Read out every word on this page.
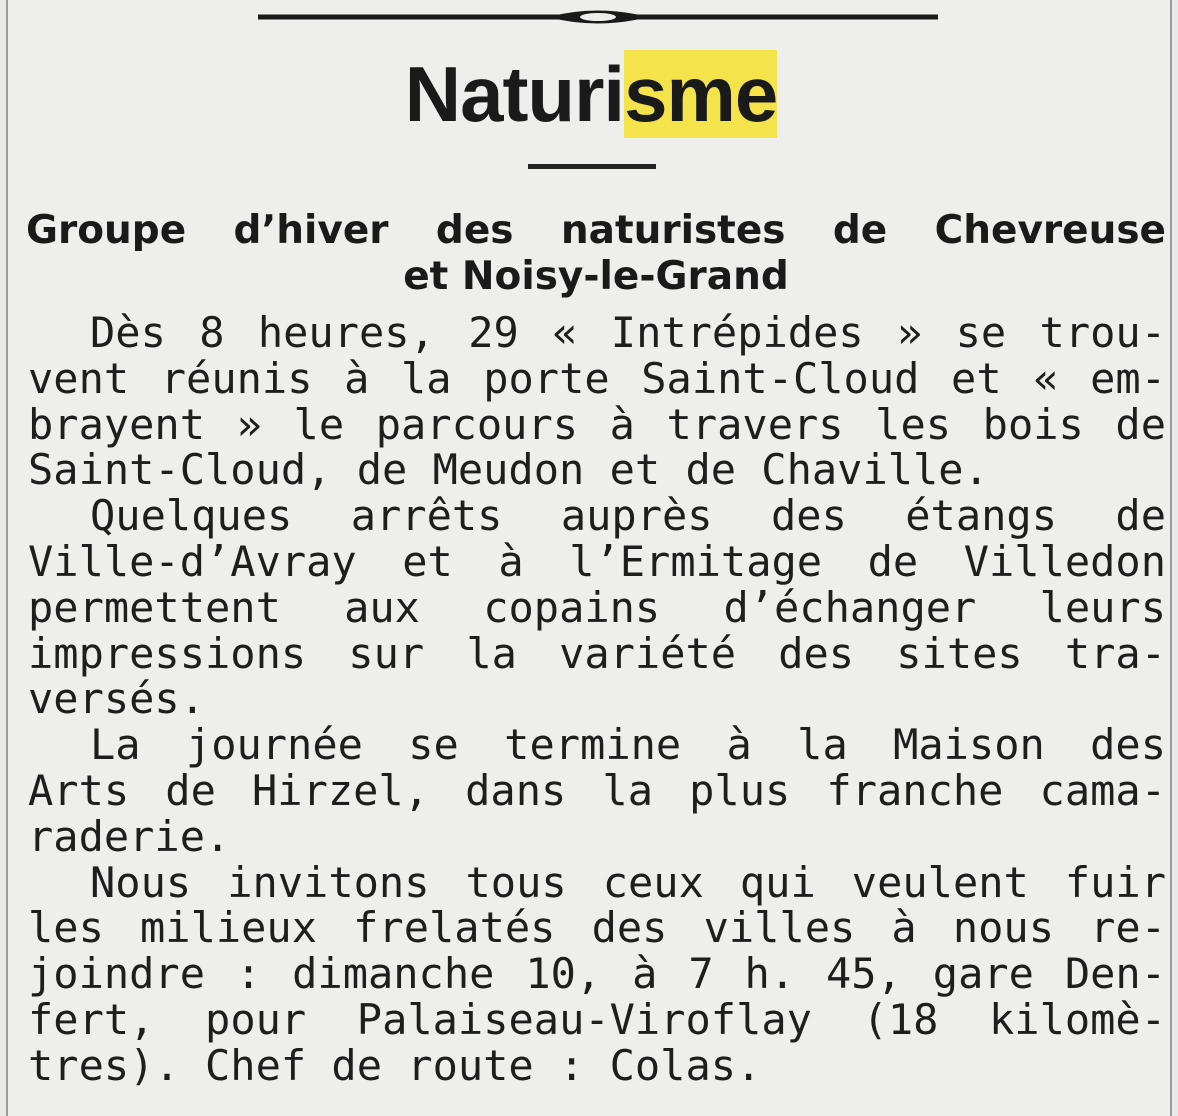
Naturisme
Groupe d’hiver des naturistes de Chevreuse
et Noisy-le-Grand
Dès 8 heures, 29 « Intrépides » se trou-
vent réunis à la porte Saint-Cloud et « em-
brayent » le parcours à travers les bois de
Saint-Cloud, de Meudon et de Chaville.
Quelques arrêts auprès des étangs de
Ville-d’Avray et à l’Ermitage de Villedon
permettent aux copains d’échanger leurs
impressions sur la variété des sites tra-
versés.
La journée se termine à la Maison des
Arts de Hirzel, dans la plus franche cama-
raderie.
Nous invitons tous ceux qui veulent fuir
les milieux frelatés des villes à nous re-
joindre : dimanche 10, à 7 h. 45, gare Den-
fert, pour Palaiseau-Viroflay (18 kilomè-
tres). Chef de route : Colas.
